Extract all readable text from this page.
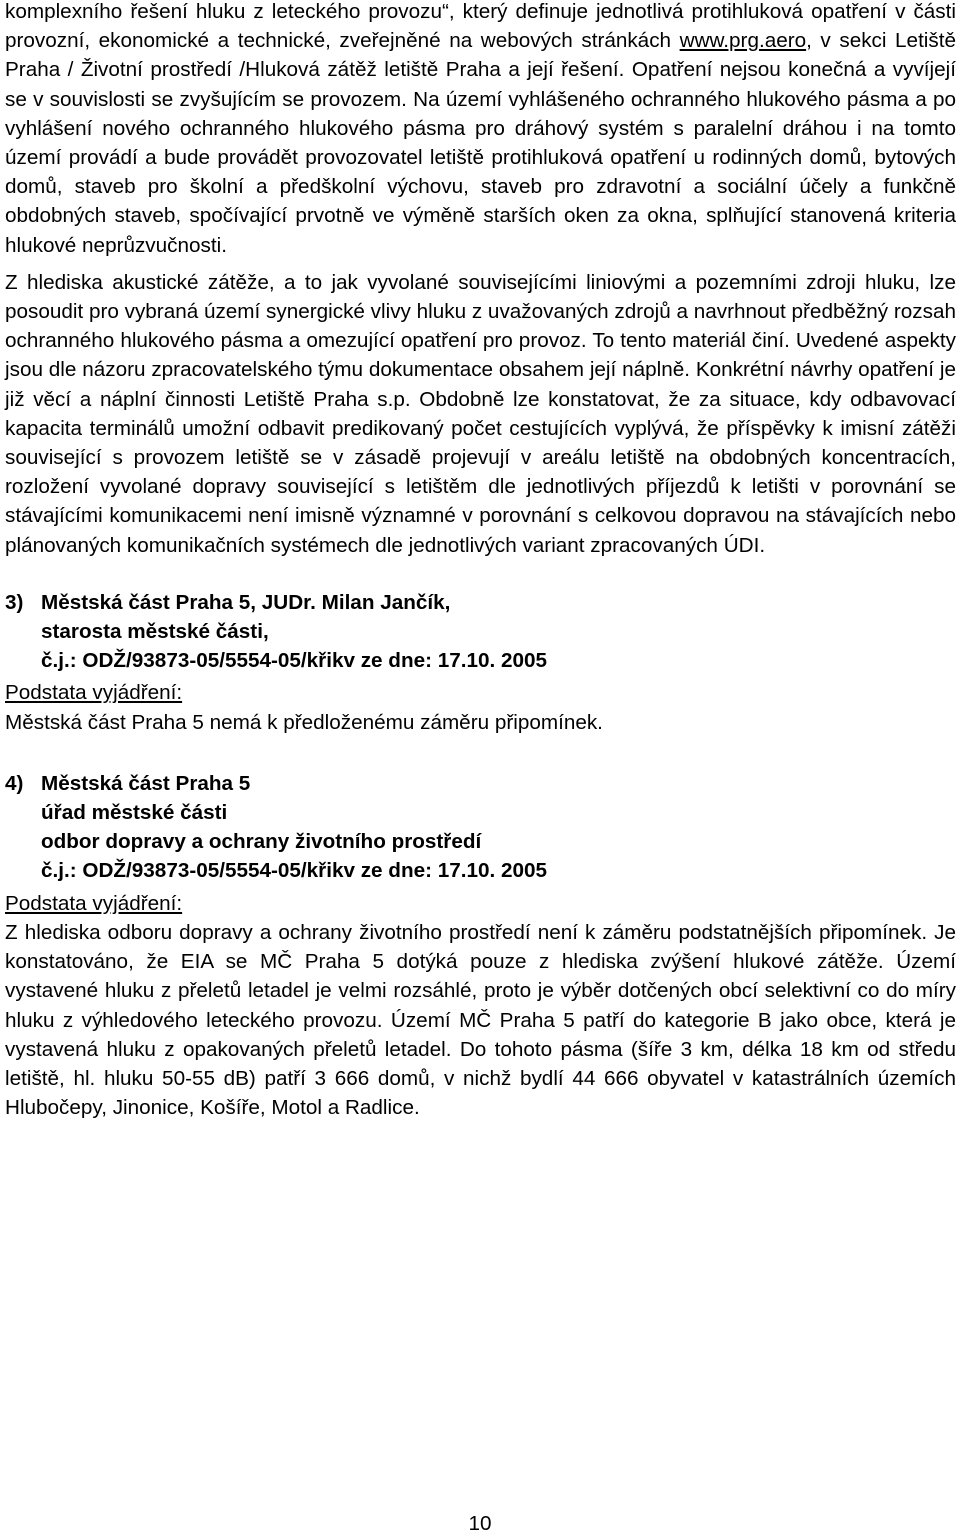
komplexního řešení hluku z leteckého provozu“, který definuje jednotlivá protihluková opatření v části provozní, ekonomické a technické, zveřejněné na webových stránkách www.prg.aero, v sekci Letiště Praha / Životní prostředí /Hluková zátěž letiště Praha a její řešení. Opatření nejsou konečná a vyvíjejí se v souvislosti se zvyšujícím se provozem. Na území vyhlášeného ochranného hlukového pásma a po vyhlášení nového ochranného hlukového pásma pro dráhový systém s paralelní dráhou i na tomto území provádí a bude provádět provozovatel letiště protihluková opatření u rodinných domů, bytových domů, staveb pro školní a předškolní výchovu, staveb pro zdravotní a sociální účely a funkčně obdobných staveb, spočívající prvotně ve výměně starších oken za okna, splňující stanovená kriteria hlukové neprůzvučnosti.

Z hlediska akustické zátěže, a to jak vyvolané souvisejícími liniovými a pozemními zdroji hluku, lze posoudit pro vybraná území synergické vlivy hluku z uvažovaných zdrojů a navrhnout předběžný rozsah ochranného hlukového pásma a omezující opatření pro provoz. To tento materiál činí. Uvedené aspekty jsou dle názoru zpracovatelského týmu dokumentace obsahem její náplně. Konkrétní návrhy opatření je již věcí a náplní činnosti Letiště Praha s.p. Obdobně lze konstatovat, že za situace, kdy odbavovací kapacita terminálů umožní odbavit predikovaný počet cestujících vyplývá, že příspěvky k imisní zátěži související s provozem letiště se v zásadě projevují v areálu letiště na obdobných koncentracích, rozložení vyvolané dopravy související s letištěm dle jednotlivých příjezdů k letišti v porovnání se stávajícími komunikacemi není imisně významné v porovnání s celkovou dopravou na stávajících nebo plánovaných komunikačních systémech dle jednotlivých variant zpracovaných ÚDI.

3) Městská část Praha 5, JUDr. Milan Jančík,
starosta městské části,
č.j.: ODŽ/93873-05/5554-05/křikv ze dne: 17.10. 2005
Podstata vyjádření:

Městská část Praha 5 nemá k předloženému záměru připomínek.

4) Městská část Praha 5
úřad městské části
odbor dopravy a ochrany životního prostředí
č.j.: ODŽ/93873-05/5554-05/křikv ze dne: 17.10. 2005
Podstata vyjádření:

Z hlediska odboru dopravy a ochrany životního prostředí není k záměru podstatnějších připomínek. Je konstatováno, že EIA se MČ Praha 5 dotýká pouze z hlediska zvýšení hlukové zátěže. Území vystavené hluku z přeletů letadel je velmi rozsáhlé, proto je výběr dotčených obcí selektivní co do míry hluku z výhledového leteckého provozu. Území MČ Praha 5 patří do kategorie B jako obce, která je vystavená hluku z opakovaných přeletů letadel. Do tohoto pásma (šíře 3 km, délka 18 km od středu letiště, hl. hluku 50-55 dB) patří 3 666 domů, v nichž bydlí 44 666 obyvatel v katastrálních územích Hlubočepy, Jinonice, Košíře, Motol a Radlice.

10
